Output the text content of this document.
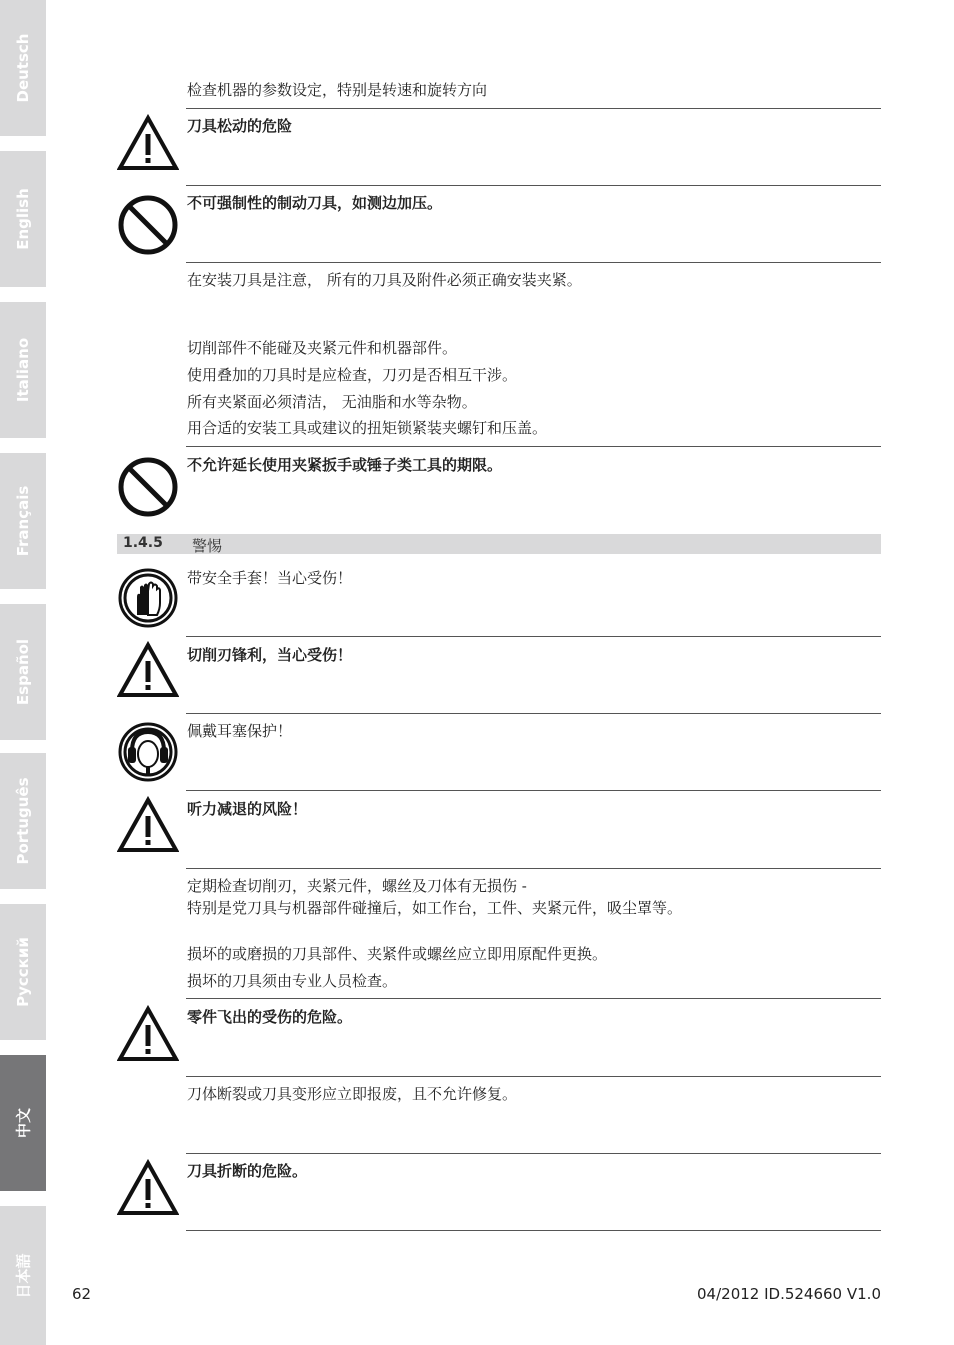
Deutsch
English
Italiano
Français
Español
Português
Русский
中文
日本語
检查机器的参数设定，特别是转速和旋转方向
刀具松动的危险
不可强制性的制动刀具，如测边加压。
在安装刀具是注意， 所有的刀具及附件必须正确安装夹紧。
切削部件不能碰及夹紧元件和机器部件。
使用叠加的刀具时是应检查，刀刃是否相互干涉。
所有夹紧面必须清洁， 无油脂和水等杂物。
用合适的安装工具或建议的扭矩锁紧装夹螺钉和压盖。
不允许延长使用夹紧扳手或锤子类工具的期限。
1.4.5 警惕
带安全手套！当心受伤！
切削刃锋利，当心受伤！
佩戴耳塞保护！
听力减退的风险！
定期检查切削刃，夹紧元件，螺丝及刀体有无损伤 -
特别是党刀具与机器部件碰撞后，如工作台，工件、夹紧元件，吸尘罩等。
损坏的或磨损的刀具部件、夹紧件或螺丝应立即用原配件更换。
损坏的刀具须由专业人员检查。
零件飞出的受伤的危险。
刀体断裂或刀具变形应立即报废，且不允许修复。
刀具折断的危险。
62	04/2012 ID.524660 V1.0
